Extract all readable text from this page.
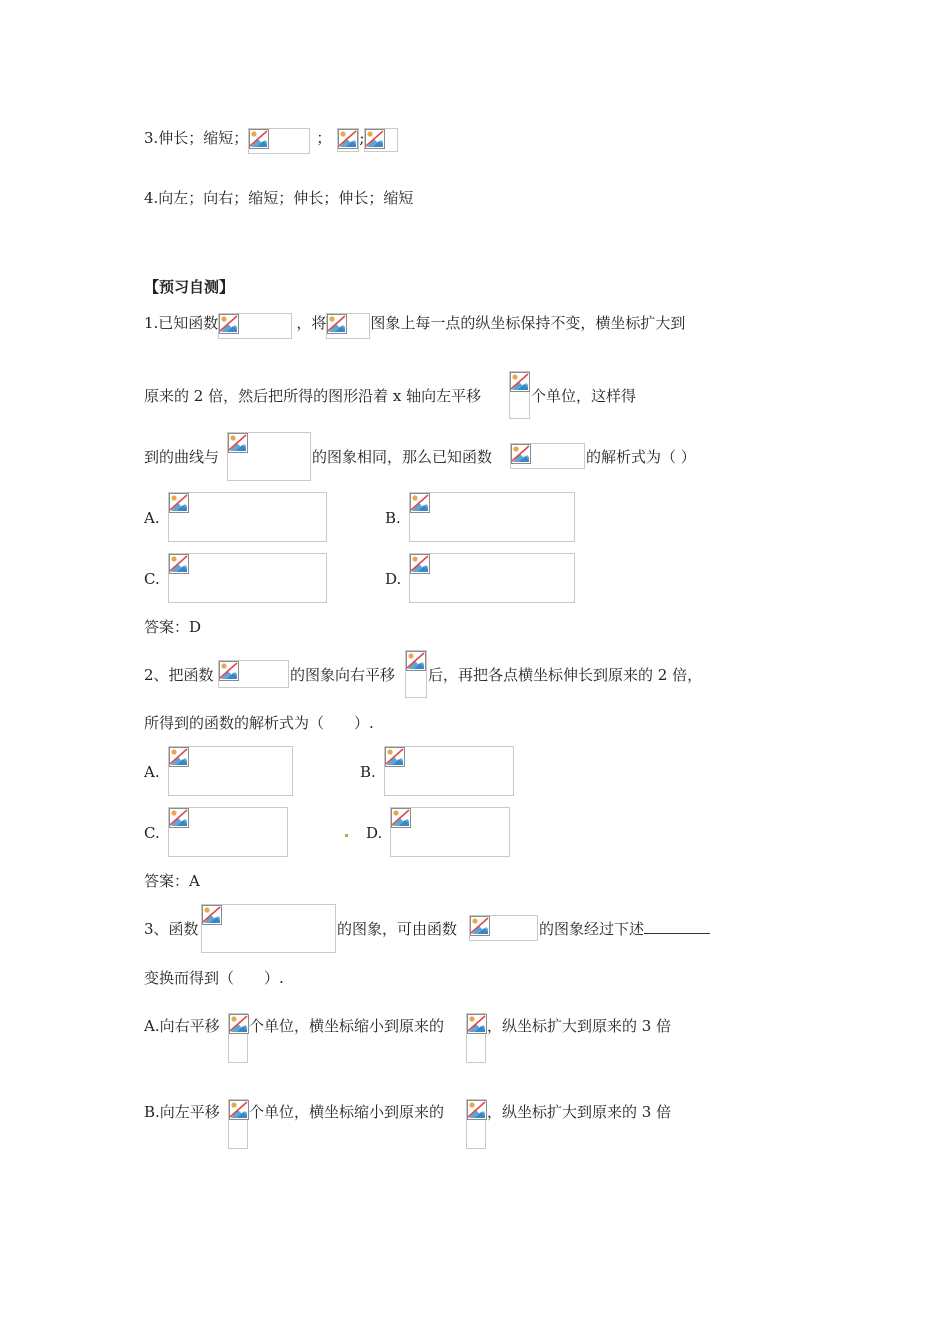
3.伸长；缩短；	； ;
4.向左；向右；缩短；伸长；伸长；缩短
【预习自测】
1.已知函数	，将	图象上每一点的纵坐标保持不变，横坐标扩大到
原来的 2 倍，然后把所得的图形沿着 x 轴向左平移	个单位，这样得
到的曲线与	的图象相同，那么已知函数	的解析式为（ ）
A.	B.
C.	D.
答案：D
2、把函数	的图象向右平移 后，再把各点横坐标伸长到原来的 2 倍，
所得到的函数的解析式为（　　）.
A.	B.
C.	D.
答案：A
3、函数	的图象，可由函数	的图象经过下述
变换而得到（　　）.
A.向右平移 个单位，横坐标缩小到原来的	，纵坐标扩大到原来的 3 倍
B.向左平移 个单位，横坐标缩小到原来的	，纵坐标扩大到原来的 3 倍
